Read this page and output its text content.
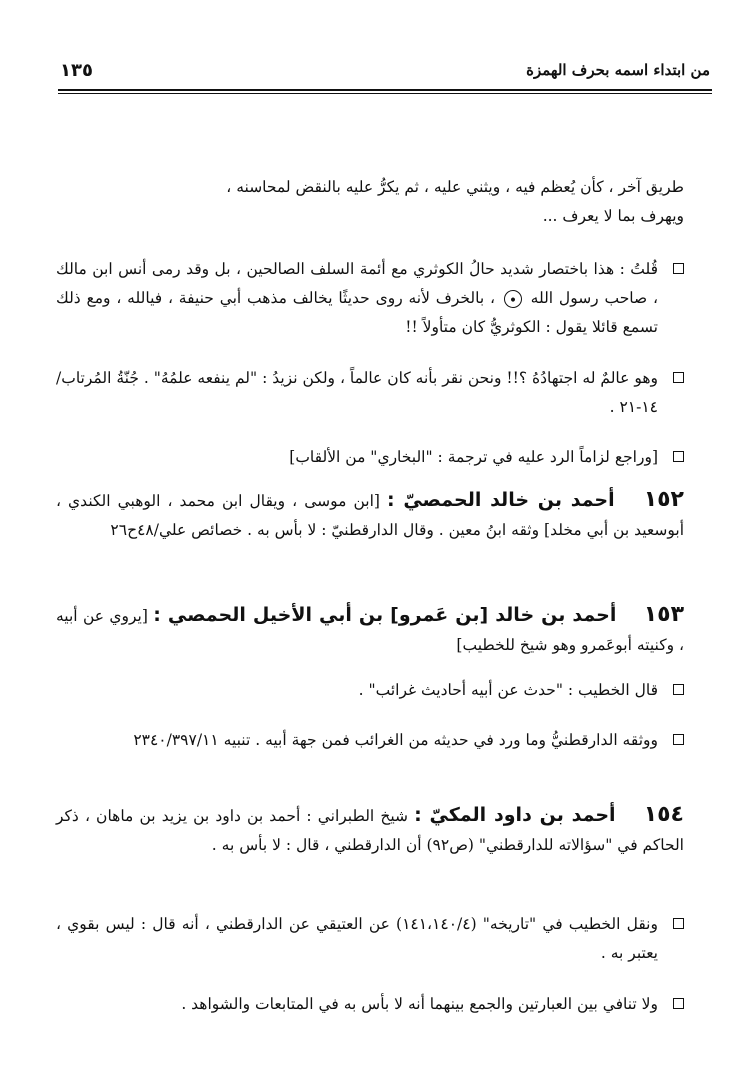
من ابتداء اسمه بحرف الهمزة
١٣٥
طريق آخر ، كأن يُعظم فيه ، ويثني عليه ، ثم يكرُّ عليه بالنقض لمحاسنه ،
ويهرف بما لا يعرف ...
قُلتُ : هذا باختصار شديد حالُ الكوثري مع أئمة السلف الصالحين ، بل وقد رمى أنس ابن مالك ، صاحب رسول الله • ، بالخرف لأنه روى حديثًا يخالف مذهب أبي حنيفة ، فيالله ، ومع ذلك تسمع قائلا يقول : الكوثريُّ كان متأولاً !!
وهو عالمٌ له اجتهادُهُ ؟!! ونحن نقر بأنه كان عالماً ، ولكن نزيدُ : "لم ينفعه علمُهُ" . جُنّةُ المُرتاب/١٤-٢١ .
[وراجع لزاماً الرد عليه في ترجمة : "البخاري" من الألقاب]
١٥٢ أحمد بن خالد الحمصيّ : [ابن موسى ، ويقال ابن محمد ، الوهبي الكندي ، أبوسعيد بن أبي مخلد] وثقه ابنُ معين . وقال الدارقطنيّ : لا بأس به . خصائص علي/٤٨ح٢٦
١٥٣ أحمد بن خالد [بن عَمرو] بن أبي الأخيل الحمصي : [يروي عن أبيه ، وكنيته أبوعَمرو وهو شيخ للخطيب]
قال الخطيب : "حدث عن أبيه أحاديث غرائب" .
ووثقه الدارقطنيُّ وما ورد في حديثه من الغرائب فمن جهة أبيه . تنبيه ٢٣٤٠/٣٩٧/١١
١٥٤ أحمد بن داود المكيّ : شيخ الطبراني : أحمد بن داود بن يزيد بن ماهان ، ذكر الحاكم في "سؤالاته للدارقطني" (ص٩٢) أن الدارقطني ، قال : لا بأس به .
ونقل الخطيب في "تاريخه" (١٤١،١٤٠/٤) عن العتيقي عن الدارقطني ، أنه قال : ليس بقوي ، يعتبر به .
ولا تنافي بين العبارتين والجمع بينهما أنه لا بأس به في المتابعات والشواهد .
